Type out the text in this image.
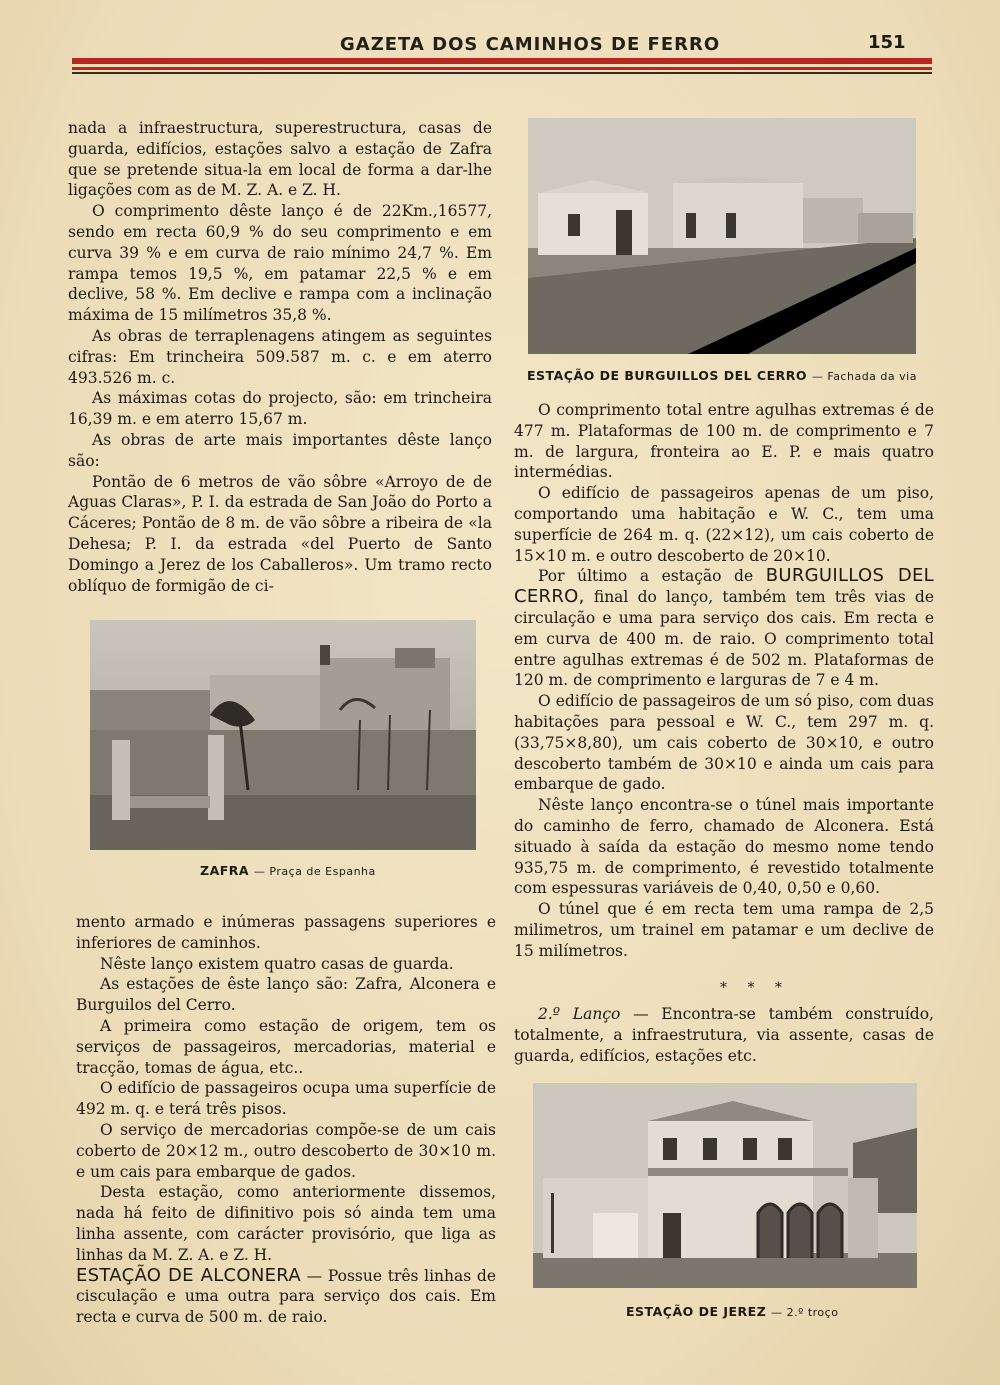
GAZETA DOS CAMINHOS DE FERRO	151

nada a infraestructura, superestructura, casas de guarda, edifícios, estações salvo a estação de Zafra que se pretende situa-la em local de forma a dar-lhe ligações com as de M. Z. A. e Z. H.

O comprimento dêste lanço é de 22Km.,16577, sendo em recta 60,9 % do seu comprimento e em curva 39 % e em curva de raio mínimo 24,7 %. Em rampa temos 19,5 %, em patamar 22,5 % e em declive, 58 %. Em declive e rampa com a inclinação máxima de 15 milímetros 35,8 %.

As obras de terraplenagens atingem as seguintes cifras: Em trincheira 509.587 m. c. e em aterro 493.526 m. c.

As máximas cotas do projecto, são: em trincheira 16,39 m. e em aterro 15,67 m.

As obras de arte mais importantes dêste lanço são:

Pontão de 6 metros de vão sôbre «Arroyo de de Aguas Claras», P. I. da estrada de San João do Porto a Cáceres; Pontão de 8 m. de vão sôbre a ribeira de «la Dehesa; P. I. da estrada «del Puerto de Santo Domingo a Jerez de los Caballeros». Um tramo recto oblíquo de formigão de ci-

ZAFRA — Praça de Espanha

mento armado e inúmeras passagens superiores e inferiores de caminhos.

Nêste lanço existem quatro casas de guarda.

As estações de êste lanço são: Zafra, Alconera e Burguilos del Cerro.

A primeira como estação de origem, tem os serviços de passageiros, mercadorias, material e tracção, tomas de água, etc..

O edifício de passageiros ocupa uma superfície de 492 m. q. e terá três pisos.

O serviço de mercadorias compõe-se de um cais coberto de 20×12 m., outro descoberto de 30×10 m. e um cais para embarque de gados.

Desta estação, como anteriormente dissemos, nada há feito de difinitivo pois só ainda tem uma linha assente, com carácter provisório, que liga as linhas da M. Z. A. e Z. H.

ESTAÇÃO DE ALCONERA — Possue três linhas de cisculação e uma outra para serviço dos cais. Em recta e curva de 500 m. de raio.

ESTAÇÃO DE BURGUILLOS DEL CERRO — Fachada da via

O comprimento total entre agulhas extremas é de 477 m. Plataformas de 100 m. de comprimento e 7 m. de largura, fronteira ao E. P. e mais quatro intermédias.

O edifício de passageiros apenas de um piso, comportando uma habitação e W. C., tem uma superfície de 264 m. q. (22×12), um cais coberto de 15×10 m. e outro descoberto de 20×10.

Por último a estação de BURGUILLOS DEL CERRO, final do lanço, também tem três vias de circulação e uma para serviço dos cais. Em recta e em curva de 400 m. de raio. O comprimento total entre agulhas extremas é de 502 m. Plataformas de 120 m. de comprimento e larguras de 7 e 4 m.

O edifício de passageiros de um só piso, com duas habitações para pessoal e W. C., tem 297 m. q. (33,75×8,80), um cais coberto de 30×10, e outro descoberto também de 30×10 e ainda um cais para embarque de gado.

Nêste lanço encontra-se o túnel mais importante do caminho de ferro, chamado de Alconera. Está situado à saída da estação do mesmo nome tendo 935,75 m. de comprimento, é revestido totalmente com espessuras variáveis de 0,40, 0,50 e 0,60.

O túnel que é em recta tem uma rampa de 2,5 milimetros, um trainel em patamar e um declive de 15 milímetros.

* * *

2.º Lanço — Encontra-se também construído, totalmente, a infraestrutura, via assente, casas de guarda, edifícios, estações etc.

ESTAÇÃO DE JEREZ — 2.º troço
